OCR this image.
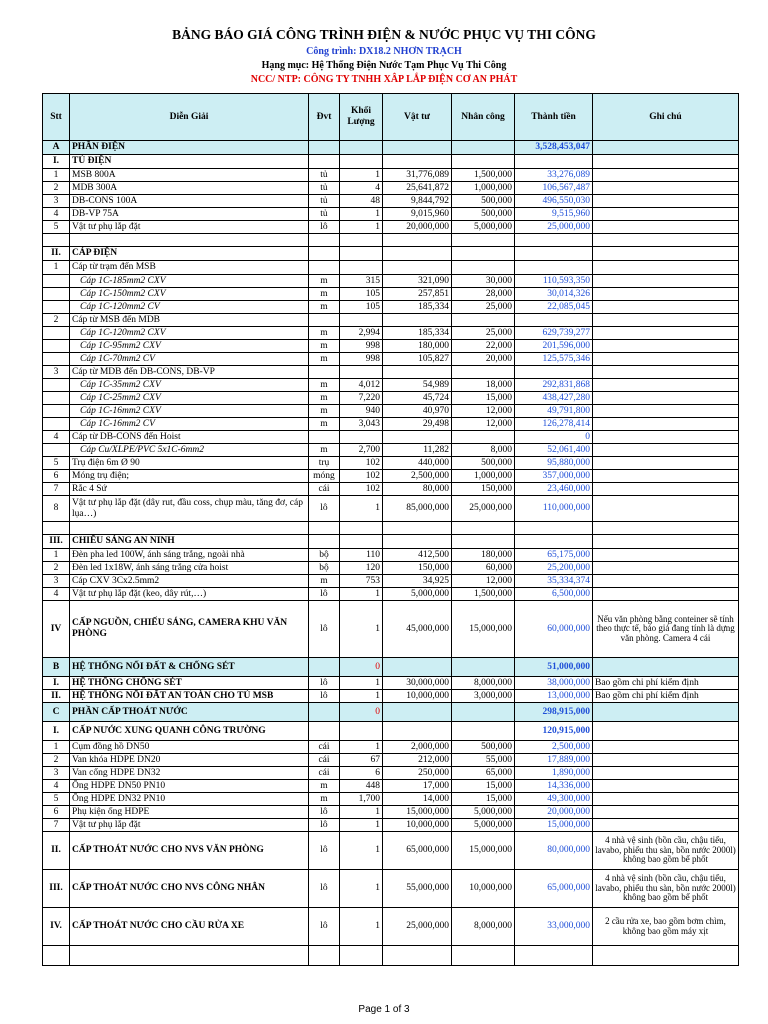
BẢNG BÁO GIÁ CÔNG TRÌNH ĐIỆN & NƯỚC PHỤC VỤ THI CÔNG
Công trình: DX18.2 NHƠN TRẠCH
Hạng mục: Hệ Thống Điện Nước Tạm Phục Vụ Thi Công
NCC/ NTP: CÔNG TY TNHH XÂP LẮP ĐIỆN CƠ AN PHÁT
Stt	Diễn Giải	Đvt	Khối Lượng	Vật tư	Nhân công	Thành tiền	Ghi chú
A	PHẦN ĐIỆN					3,528,453,047	
I.	TỦ ĐIỆN						
1	MSB 800A	tủ	1	31,776,089	1,500,000	33,276,089	
2	MDB 300A	tủ	4	25,641,872	1,000,000	106,567,487	
3	DB-CONS 100A	tủ	48	9,844,792	500,000	496,550,030	
4	DB-VP 75A	tủ	1	9,015,960	500,000	9,515,960	
5	Vật tư phụ lắp đặt	lô	1	20,000,000	5,000,000	25,000,000	

II.	CÁP ĐIỆN						
1	Cáp từ trạm đến MSB						
	Cáp 1C-185mm2 CXV	m	315	321,090	30,000	110,593,350	
	Cáp 1C-150mm2 CXV	m	105	257,851	28,000	30,014,326	
	Cáp 1C-120mm2 CV	m	105	185,334	25,000	22,085,045	
2	Cáp từ MSB đến MDB						
	Cáp 1C-120mm2 CXV	m	2,994	185,334	25,000	629,739,277	
	Cáp 1C-95mm2 CXV	m	998	180,000	22,000	201,596,000	
	Cáp 1C-70mm2 CV	m	998	105,827	20,000	125,575,346	
3	Cáp từ MDB đến DB-CONS, DB-VP						
	Cáp 1C-35mm2 CXV	m	4,012	54,989	18,000	292,831,868	
	Cáp 1C-25mm2 CXV	m	7,220	45,724	15,000	438,427,280	
	Cáp 1C-16mm2 CXV	m	940	40,970	12,000	49,791,800	
	Cáp 1C-16mm2 CV	m	3,043	29,498	12,000	126,278,414	
4	Cáp từ DB-CONS đến Hoist					0	
	Cáp Cu/XLPE/PVC 5x1C-6mm2	m	2,700	11,282	8,000	52,061,400	
5	Trụ điện 6m Ø 90	trụ	102	440,000	500,000	95,880,000	
6	Móng trụ điện;	móng	102	2,500,000	1,000,000	357,000,000	
7	Rắc 4 Sứ	cái	102	80,000	150,000	23,460,000	
8	Vật tư phụ lắp đặt (dây rut, đầu coss, chụp màu, tăng đơ, cáp lụa…)	lô	1	85,000,000	25,000,000	110,000,000	

III.	CHIẾU SÁNG AN NINH						
1	Đèn pha led 100W, ánh sáng trắng, ngoài nhà	bộ	110	412,500	180,000	65,175,000	
2	Đèn led 1x18W, ánh sáng trắng cửa hoist	bộ	120	150,000	60,000	25,200,000	
3	Cáp CXV 3Cx2.5mm2	m	753	34,925	12,000	35,334,374	
4	Vật tư phụ lắp đặt (keo, dây rút,…)	lô	1	5,000,000	1,500,000	6,500,000	
IV	CẤP NGUỒN, CHIẾU SÁNG, CAMERA KHU VĂN PHÒNG	lô	1	45,000,000	15,000,000	60,000,000	Nếu văn phòng bằng conteiner sẽ tính theo thực tế, báo giá đang tính là dựng văn phòng. Camera 4 cái
B	HỆ THỐNG NỐI ĐẤT & CHỐNG SÉT		0			51,000,000	
I.	HỆ THỐNG CHỐNG SÉT	lô	1	30,000,000	8,000,000	38,000,000	Bao gồm chi phí kiểm định
II.	HỆ THỐNG NỐI ĐẤT AN TOÀN CHO TỦ MSB	lô	1	10,000,000	3,000,000	13,000,000	Bao gồm chi phí kiểm định
C	PHẦN CẤP THOÁT NƯỚC		0			298,915,000	
I.	CẤP NƯỚC XUNG QUANH CÔNG TRƯỜNG					120,915,000	
1	Cụm đồng hồ DN50	cái	1	2,000,000	500,000	2,500,000	
2	Van khóa HDPE DN20	cái	67	212,000	55,000	17,889,000	
3	Van cổng HDPE DN32	cái	6	250,000	65,000	1,890,000	
4	Ống HDPE DN50 PN10	m	448	17,000	15,000	14,336,000	
5	Ống HDPE DN32 PN10	m	1,700	14,000	15,000	49,300,000	
6	Phụ kiện ống HDPE	lô	1	15,000,000	5,000,000	20,000,000	
7	Vật tư phụ lắp đặt	lô	1	10,000,000	5,000,000	15,000,000	
II.	CẤP THOÁT NƯỚC CHO NVS VĂN PHÒNG	lô	1	65,000,000	15,000,000	80,000,000	4 nhà vệ sinh (bồn cầu, chậu tiểu, lavabo, phiểu thu sàn, bồn nước 2000l) không bao gồm bể phốt
III.	CẤP THOÁT NƯỚC CHO NVS CÔNG NHÂN	lô	1	55,000,000	10,000,000	65,000,000	4 nhà vệ sinh (bồn cầu, chậu tiểu, lavabo, phiểu thu sàn, bồn nước 2000l) không bao gồm bể phốt
IV.	CẤP THOÁT NƯỚC CHO CẦU RỬA XE	lô	1	25,000,000	8,000,000	33,000,000	2 cầu rửa xe, bao gồm bơm chìm, không bao gồm máy xịt

Page 1 of 3
